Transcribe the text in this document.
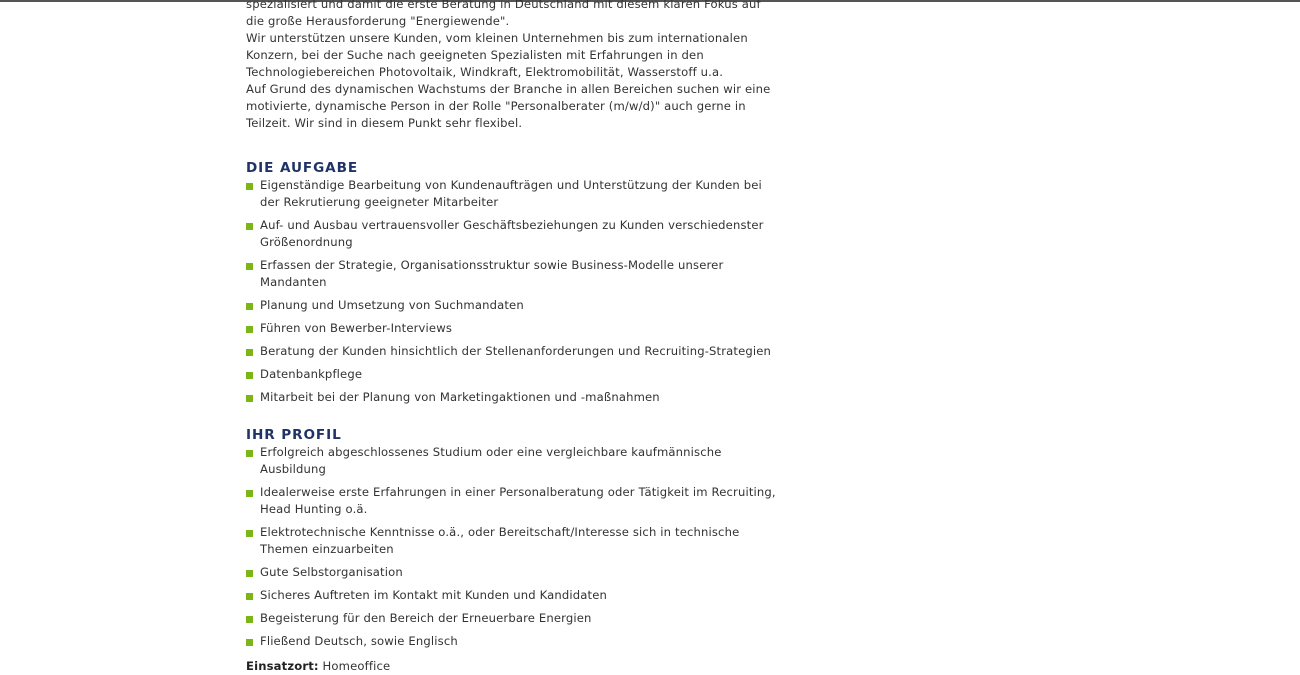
spezialisiert und damit die erste Beratung in Deutschland mit diesem klaren Fokus auf die große Herausforderung "Energiewende".

Wir unterstützen unsere Kunden, vom kleinen Unternehmen bis zum internationalen Konzern, bei der Suche nach geeigneten Spezialisten mit Erfahrungen in den Technologiebereichen Photovoltaik, Windkraft, Elektromobilität, Wasserstoff u.a.

Auf Grund des dynamischen Wachstums der Branche in allen Bereichen suchen wir eine motivierte, dynamische Person in der Rolle "Personalberater (m/w/d)" auch gerne in Teilzeit. Wir sind in diesem Punkt sehr flexibel.

DIE AUFGABE
Eigenständige Bearbeitung von Kundenaufträgen und Unterstützung der Kunden bei der Rekrutierung geeigneter Mitarbeiter
Auf- und Ausbau vertrauensvoller Geschäftsbeziehungen zu Kunden verschiedenster Größenordnung
Erfassen der Strategie, Organisationsstruktur sowie Business-Modelle unserer Mandanten
Planung und Umsetzung von Suchmandaten
Führen von Bewerber-Interviews
Beratung der Kunden hinsichtlich der Stellenanforderungen und Recruiting-Strategien
Datenbankpflege
Mitarbeit bei der Planung von Marketingaktionen und -maßnahmen
IHR PROFIL
Erfolgreich abgeschlossenes Studium oder eine vergleichbare kaufmännische Ausbildung
Idealerweise erste Erfahrungen in einer Personalberatung oder Tätigkeit im Recruiting, Head Hunting o.ä.
Elektrotechnische Kenntnisse o.ä., oder Bereitschaft/Interesse sich in technische Themen einzuarbeiten
Gute Selbstorganisation
Sicheres Auftreten im Kontakt mit Kunden und Kandidaten
Begeisterung für den Bereich der Erneuerbare Energien
Fließend Deutsch, sowie Englisch
Einsatzort: Homeoffice
